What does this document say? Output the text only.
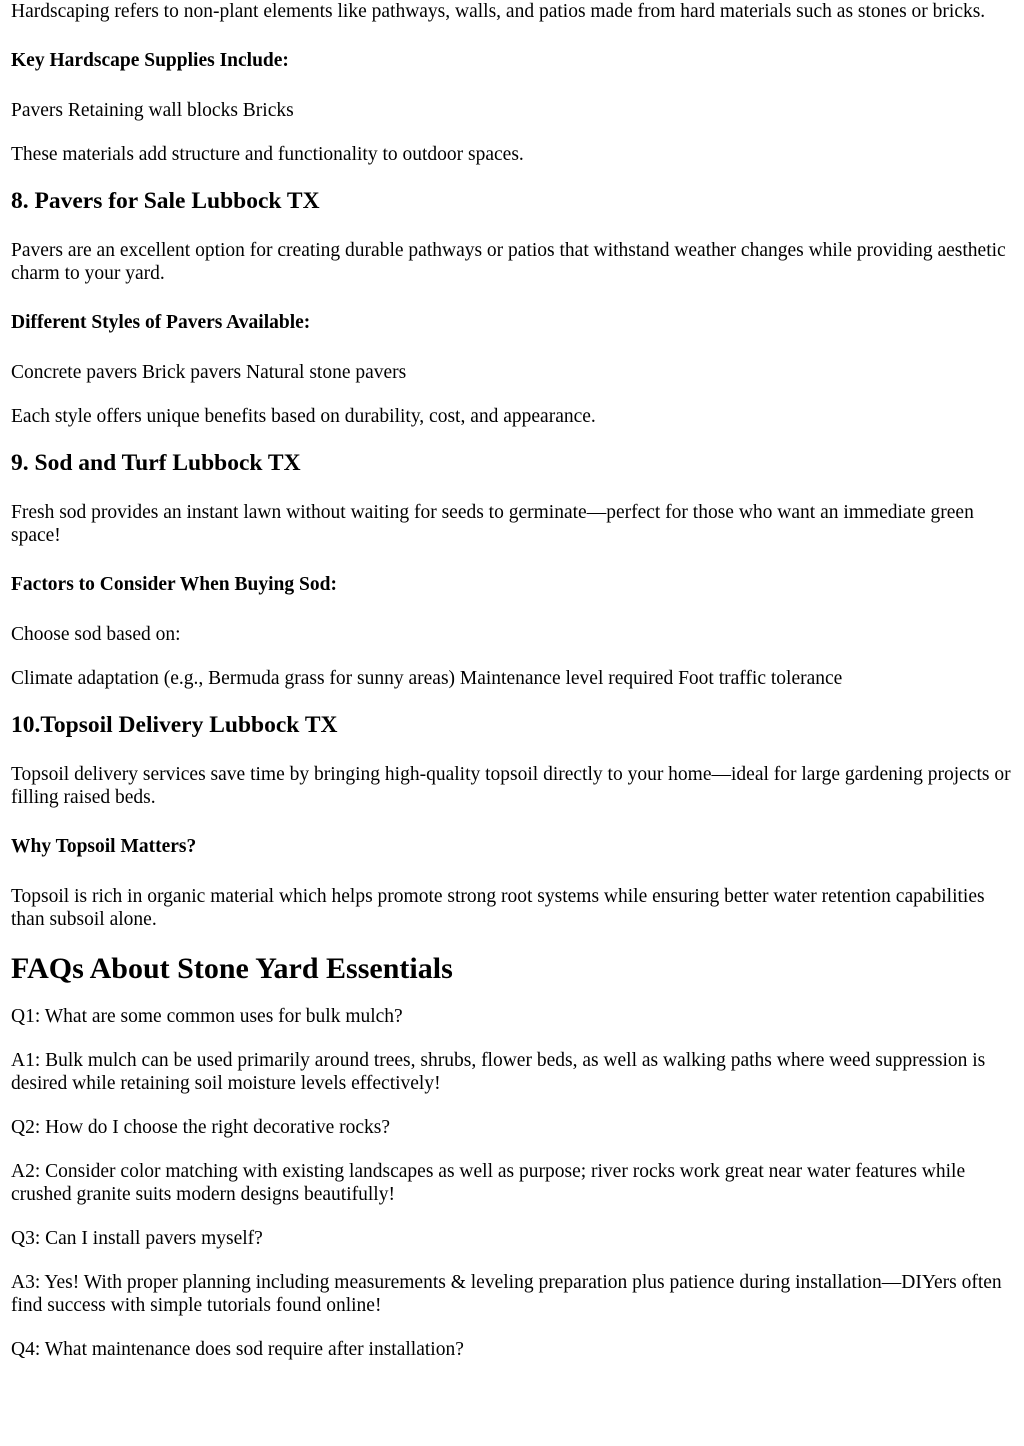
Hardscaping refers to non-plant elements like pathways, walls, and patios made from hard materials such as stones or bricks.

Key Hardscape Supplies Include:

Pavers Retaining wall blocks Bricks

These materials add structure and functionality to outdoor spaces.

8. Pavers for Sale Lubbock TX

Pavers are an excellent option for creating durable pathways or patios that withstand weather changes while providing aesthetic charm to your yard.

Different Styles of Pavers Available:

Concrete pavers Brick pavers Natural stone pavers

Each style offers unique benefits based on durability, cost, and appearance.

9. Sod and Turf Lubbock TX

Fresh sod provides an instant lawn without waiting for seeds to germinate—perfect for those who want an immediate green space!

Factors to Consider When Buying Sod:

Choose sod based on:

Climate adaptation (e.g., Bermuda grass for sunny areas) Maintenance level required Foot traffic tolerance

10.Topsoil Delivery Lubbock TX

Topsoil delivery services save time by bringing high-quality topsoil directly to your home—ideal for large gardening projects or filling raised beds.

Why Topsoil Matters?

Topsoil is rich in organic material which helps promote strong root systems while ensuring better water retention capabilities than subsoil alone.

FAQs About Stone Yard Essentials

Q1: What are some common uses for bulk mulch?

A1: Bulk mulch can be used primarily around trees, shrubs, flower beds, as well as walking paths where weed suppression is desired while retaining soil moisture levels effectively!

Q2: How do I choose the right decorative rocks?

A2: Consider color matching with existing landscapes as well as purpose; river rocks work great near water features while crushed granite suits modern designs beautifully!

Q3: Can I install pavers myself?

A3: Yes! With proper planning including measurements & leveling preparation plus patience during installation—DIYers often find success with simple tutorials found online!

Q4: What maintenance does sod require after installation?
